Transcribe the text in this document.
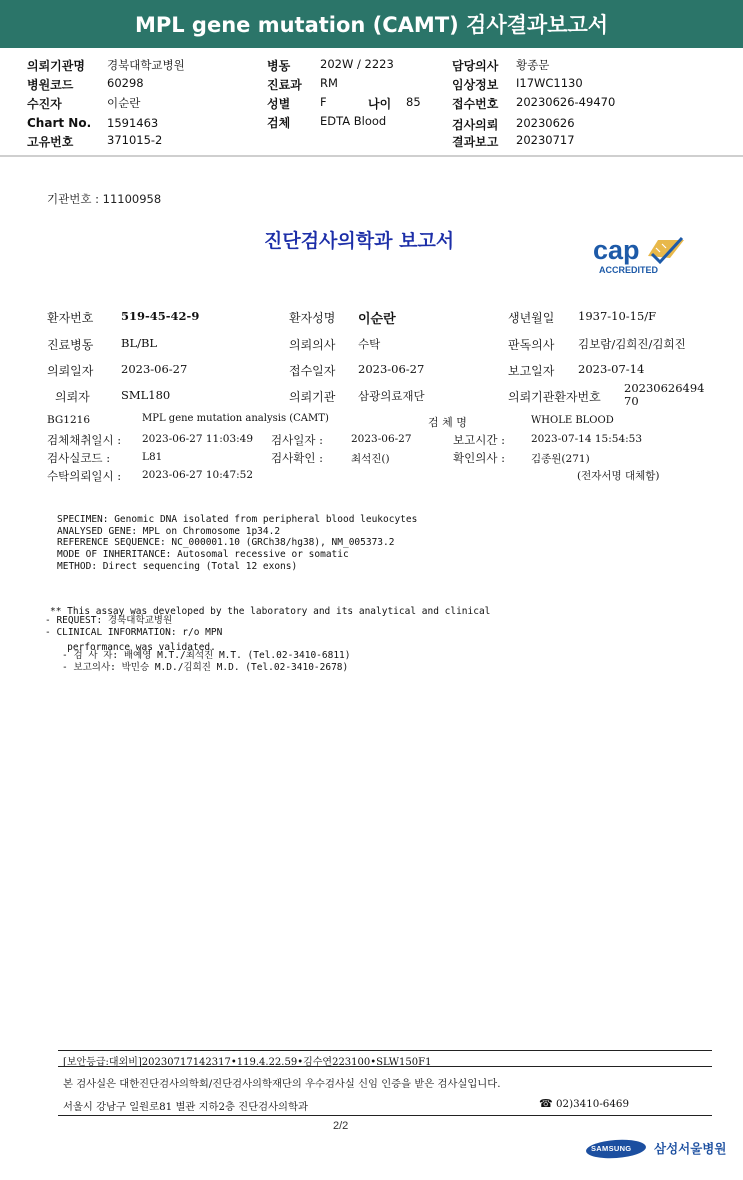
MPL gene mutation (CAMT) 검사결과보고서
의뢰기관명 경북대학교병원
병원코드	60298
수진자	이순란
Chart No. 1591463
고유번호	371015-2
병동	202W / 2223
진료과 RM
성별	F	나이 85
검체	EDTA Blood
담당의사 황종문
임상정보 I17WC1130
접수번호 20230626-49470
검사의뢰 20230626
결과보고 20230717
기관번호 : 11100958
진단검사의학과 보고서	cap
ACCREDITED
환자번호 519-45-42-9	환자성명 이순란	생년월일 1937-10-15/F
진료병동 BL/BL	의뢰의사 수탁	판독의사 김보람/김희진/김희진
의뢰일자 2023-06-27	접수일자 2023-06-27	보고일자 2023-07-14
의뢰자	SML180	의뢰기관 삼광의료재단	의뢰기관환자번호
2023062649470
BG1216	MPL gene mutation analysis (CAMT)	검 체 명	WHOLE BLOOD
검체채취일시 : 2023-06-27 11:03:49 검사일자 :	2023-06-27	보고시간 : 2023-07-14 15:54:53
검사실코드 :	L81	검사확인 :	최석진()	확인의사 : 김종원(271)
수탁의뢰일시 : 2023-06-27 10:47:52	(전자서명 대체함)
SPECIMEN: Genomic DNA isolated from peripheral blood leukocytes
ANALYSED GENE: MPL on Chromosome 1p34.2
REFERENCE SEQUENCE: NC_000001.10 (GRCh38/hg38), NM_005373.2
MODE OF INHERITANCE: Autosomal recessive or somatic
METHOD: Direct sequencing (Total 12 exons)

** This assay was developed by the laboratory and its analytical and clinical

performance was validated.

- REQUEST: 경북대학교병원
- CLINICAL INFORMATION: r/o MPN
- 검 사 자: 배예영 M.T./최석진 M.T. (Tel.02-3410-6811)
- 보고의사: 박민승 M.D./김희진 M.D. (Tel.02-3410-2678)
[보안등급:대외비]20230717142317•119.4.22.59•김수연223100•SLW150F1
본 검사실은 대한진단검사의학회/진단검사의학재단의 우수검사실 신임 인증을 받은 검사실입니다.
서울시 강남구 일원로81 별관 지하2층 진단검사의학과	☎ 02)3410-6469
2/2
SAMSUNG 삼성서울병원
